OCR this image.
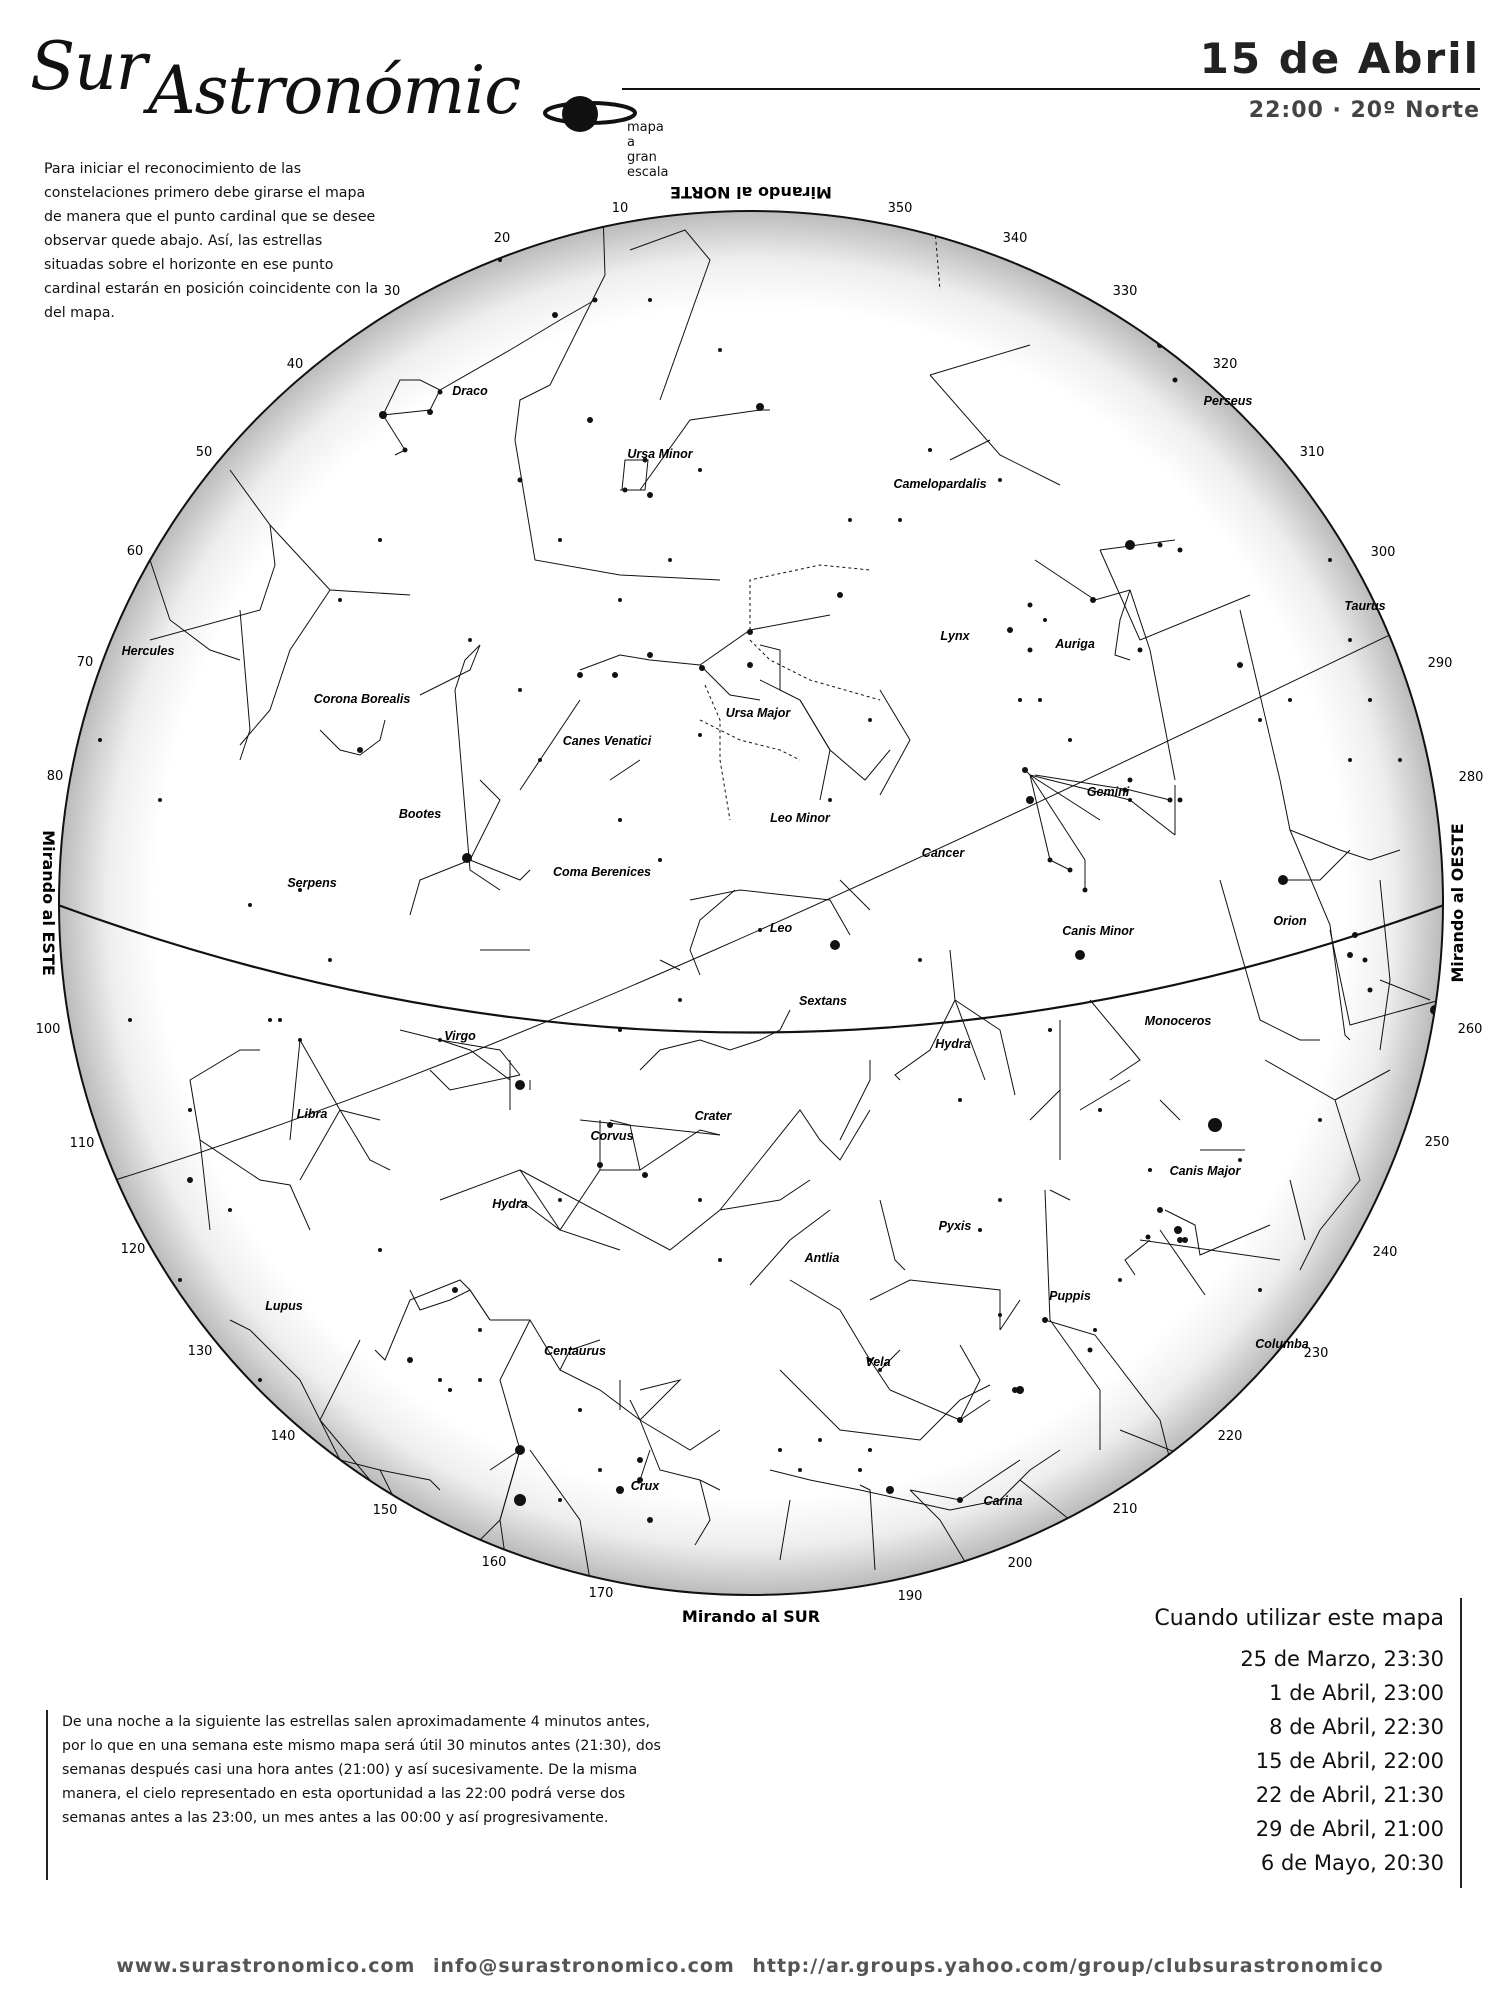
Sur Astronómic	mapa a gran escala
15 de Abril
22:00 · 20º Norte
Para iniciar el reconocimiento de las constelaciones primero debe girarse el mapa de manera que el punto cardinal que se desee observar quede abajo. Así, las estrellas situadas sobre el horizonte en ese punto cardinal estarán en posición coincidente con la del mapa.
Mirando al NORTE
Mirando al SUR
Mirando al ESTE	Mirando al OESTE
10
20
30
40
50
60
70
80
100
110
120
130
140
150
160
170	190
200
210
220
230
240
250
260
280
290
300
310
320
330
340
350
Draco
Ursa Minor
Camelopardalis
Hercules
Corona Borealis
Canes Venatici
Ursa Major
Lynx
Auriga
Taurus
Bootes	Leo Minor
Gemini
Serpens
Coma Berenices
Cancer
Canis Minor
Orion
Leo
Sextans
Virgo
Hydra
Monoceros
Libra	Crater
Corvus
Hydra
Canis Major
Pyxis
Antlia
Lupus
Centaurus
Puppis
Vela
Columba
Crux
Carina
Perseus
Cuando utilizar este mapa
25 de Marzo, 23:30
1 de Abril, 23:00
8 de Abril, 22:30
15 de Abril, 22:00
22 de Abril, 21:30
29 de Abril, 21:00
6 de Mayo, 20:30
De una noche a la siguiente las estrellas salen aproximadamente 4 minutos antes, por lo que en una semana este mismo mapa será útil 30 minutos antes (21:30), dos semanas después casi una hora antes (21:00) y así sucesivamente. De la misma manera, el cielo representado en esta oportunidad a las 22:00 podrá verse dos semanas antes a las 23:00, un mes antes a las 00:00 y así progresivamente.
www.surastronomico.com info@surastronomico.com http://ar.groups.yahoo.com/group/clubsurastronomico
